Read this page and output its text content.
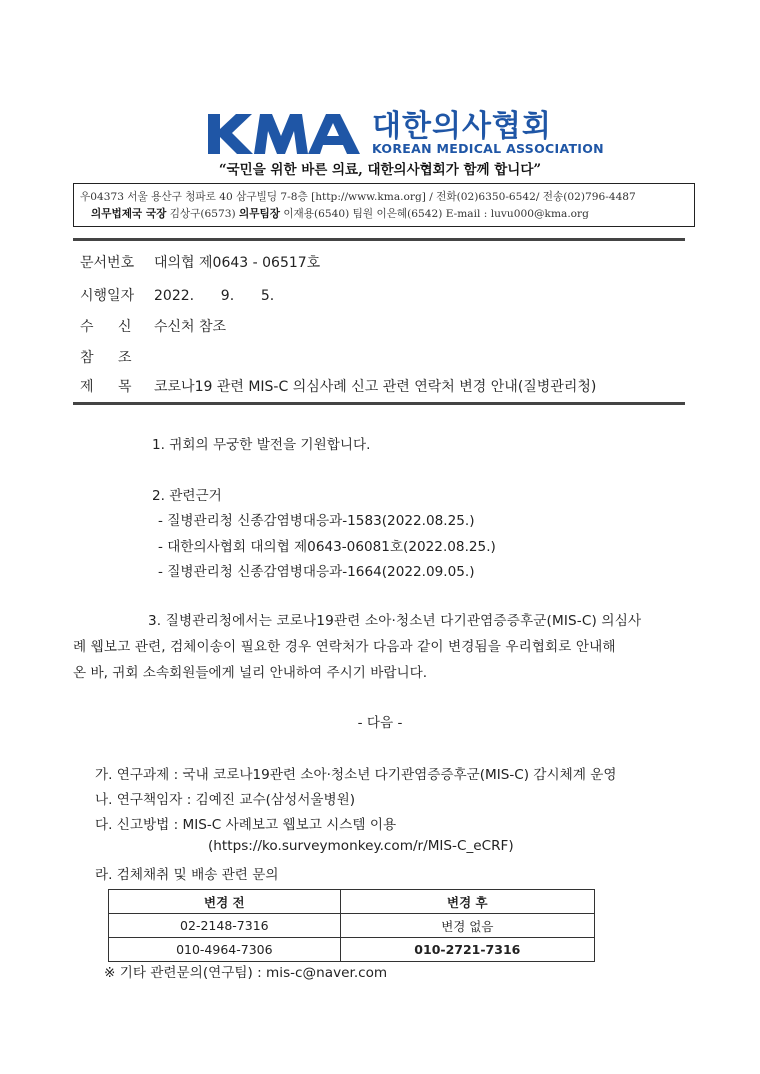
대한의사협회
KOREAN MEDICAL ASSOCIATION
“국민을 위한 바른 의료, 대한의사협회가 함께 합니다”
우04373 서울 용산구 청파로 40 삼구빌딩 7-8층 [http://www.kma.org] / 전화(02)6350-6542/ 전송(02)796-4487
의무법제국 국장 김상구(6573) 의무팀장 이재용(6540) 팀원 이은혜(6542) E-mail : luvu000@kma.org
문서번호 대의협 제0643 - 06517호
시행일자 2022.      9.      5.
수 신 수신처 참조
참 조
제 목 코로나19 관련 MIS-C 의심사례 신고 관련 연락처 변경 안내(질병관리청)
1. 귀회의 무궁한 발전을 기원합니다.
2. 관련근거
- 질병관리청 신종감염병대응과-1583(2022.08.25.)
- 대한의사협회 대의협 제0643-06081호(2022.08.25.)
- 질병관리청 신종감염병대응과-1664(2022.09.05.)
3. 질병관리청에서는 코로나19관련 소아·청소년 다기관염증증후군(MIS-C) 의심사
례 웹보고 관련, 검체이송이 필요한 경우 연락처가 다음과 같이 변경됨을 우리협회로 안내해
온 바, 귀회 소속회원들에게 널리 안내하여 주시기 바랍니다.
- 다음 -
가. 연구과제 : 국내 코로나19관련 소아·청소년 다기관염증증후군(MIS-C) 감시체계 운영
나. 연구책임자 : 김예진 교수(삼성서울병원)
다. 신고방법 : MIS-C 사례보고 웹보고 시스템 이용
(https://ko.surveymonkey.com/r/MIS-C_eCRF)
라. 검체채취 및 배송 관련 문의
변경 전	변경 후
02-2148-7316	변경 없음
010-4964-7306	010-2721-7316
※ 기타 관련문의(연구팀) : mis-c@naver.com
